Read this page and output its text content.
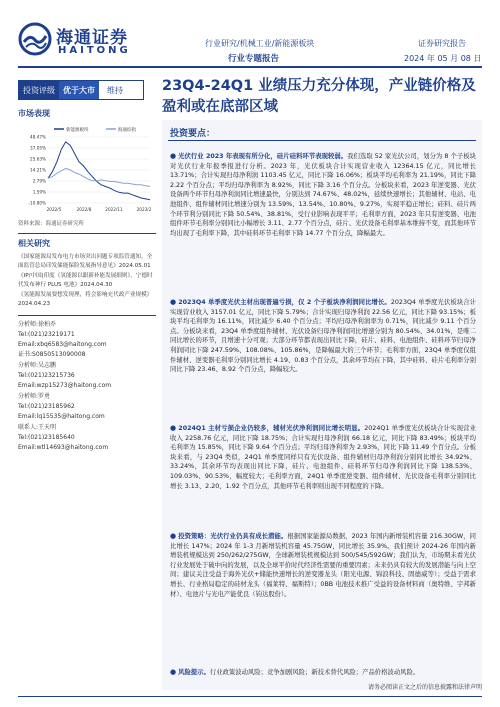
海通证券
HAITONG
行业研究/机械工业/新能源板块
行业专题报告
证券研究报告
2024 年 05 月 08 日
投资评级	优于大市	维持	23Q4-24Q1 业绩压力充分体现，产业链价格及盈利或在底部区域
市场表现
新能源板块	海通综指
48.47%
37.05%
25.63%
14.21%
2.79%
1.59%
-10.80%
2022/5	2022/8	2022/11	2023/2
资料来源：海通证券研究所
相关研究
《国家能源局发布电力市场突出问题专项监管通知，全面监管总局印发储能保险发展指导意见》2024.05.01
《IP/中国|印度《氢能源以跟新补能发展细则》，宁德时代发布神行 PLUS 电池》2024.04.30
《氢能源发展要想发现理，将会影响充代政产业规模》2024.04.23
分析师:徐柏乔
Tel:(021)23219171
Email:xbq6583@haitong.com
证书:S0850513090008
分析师:吴志鹏
Tel:(021)23215736
Email:wzp15273@haitong.com
分析师:罗勇
Tel:(021)23185962
Email:lq15535@haitong.com
联系人:王天明
Tel:(021)23185640
Email:wtl14693@haitong.com
投资要点：
● 光伏行业 2023 年表现有所分化，硅片硅料环节表现较弱。我们选取 52 家光伏公司，划分为 8 个子板块对光伏行业年报季报进行分析。2023 年，光伏板块合计实现营业收入 12364.15 亿元，同比增长 13.71%；合计实现归母净利润 1103.45 亿元，同比下降 16.06%；板块平均毛利率为 21.19%，同比下降 2.22 个百分点；平均归母净利率为 8.92%，同比下降 3.16 个百分点。分板块来看，2023 年逆变器、光伏设备两个环节归母净利润同比增速最快，分别达到 74.67%、48.02%，延续快速增长；其他辅材、电站、电池组件、组件辅材同比增速分别为 13.59%、13.54%、10.80%、9.27%，实现平稳正增长；硅料、硅片两个环节利分别同比下降 50.54%、38.81%，受行业影响表现平平；毛利率方面，2023 年只有逆变器、电池组件环节毛利率分别同比小幅增长 3.11、2.77 个百分点，硅片、光伏设备毛利率基本维持不变，而其他环节均出现了毛利率下降，其中硅料环节毛利率下降 14.77 个百分点，降幅最大。
● 2023Q4 单季度光伏主材出现普遍亏损，仅 2 个子板块净利润同比增长。2023Q4 单季度光伏板块合计实现营业收入 3157.01 亿元，同比下降 5.79%；合计实现归母净利润 22.56 亿元，同比下降 93.15%；板块平均毛利率为 16.11%，同比减少 6.40 个百分点；平均归母净利润率为 0.71%，同比减少 9.11 个百分点。分板块来看，23Q4 单季度组件辅材、光伏设备归母净利润同比增速分别为 80.54%、34.01%，是唯二同比增长的环节，且增速十分可观；大部分环节都表现出同比下降，硅片、硅料、电池组件、硅料环节归母净利润同比下降 247.59%、108.08%、105.86%，是降幅最大的三个环节；毛利率方面，23Q4 单季度仅组件辅材、逆变器毛利率分别同比增长 4.19、0.83 个百分点，其余环节均在下降，其中硅料、硅片毛利率分别同比下降 23.46、8.92 个百分点，降幅较大。
● 2024Q1 主材亏损企业仍较多，辅材光伏净利润同比增长明显。2024Q1 单季度光伏板块合计实现营业收入 2258.76 亿元，同比下降 18.75%；合计实现归母净利润 66.18 亿元，同比下降 83.49%；板块平均毛利率为 15.85%，同比下降 9.64 个百分点；平均归母净利率为 2.93%，同比下降 11.49 个百分点。分板块来看，与 23Q4 类似，24Q1 单季度同样只有光伏设备、组件辅材归母净利润分别同比增长 34.92%、33.24%，其余环节均表现出同比下降，硅片、电池组件、硅料环节归母净利润同比下降 138.53%、109.03%、90.53%，幅度较大；毛利率方面，24Q1 单季度逆变器、组件辅材、光伏设备毛利率分别同比增长 3.13、2.20、1.92 个百分点，其他环节毛利率则出现不同程度的下降。
● 投资策略：光伏行业仍具有成长潜能。根据国家能源局数据，2023 年国内新增装机容量 216.30GW，同比增长 147%；2024 年 1-3 月新增装机容量 45.75GW，同比增长 35.9%。我们预计 2024-26 年国内新增装机规模达到 250/262/275GW，全球新增装机规模达到 500/545/592GW；我们认为，市场期未看光伏行业发展处于破中向的发展，以及全球平价时代经济性需要的重要因素；未来仍具有较大的发展潜能与向上空间；建议关注受益于海外光伏+储能快速增长的逆变器龙头（阳光电源、锦浪科技、固德威等）；受益于需求增长、行业格局稳定的硅材龙头（福莱特、福斯特）；0BB 电池技术推广受益的设备材料商（奥特维、宇邦新材）、电池片与光电产能优良（钧达股份）。
● 风险提示。行业政策波动风险；竞争加剧风险；新技术替代风险；产品价格波动风险。
请务必阅读正文之后的信息披露和法律声明
